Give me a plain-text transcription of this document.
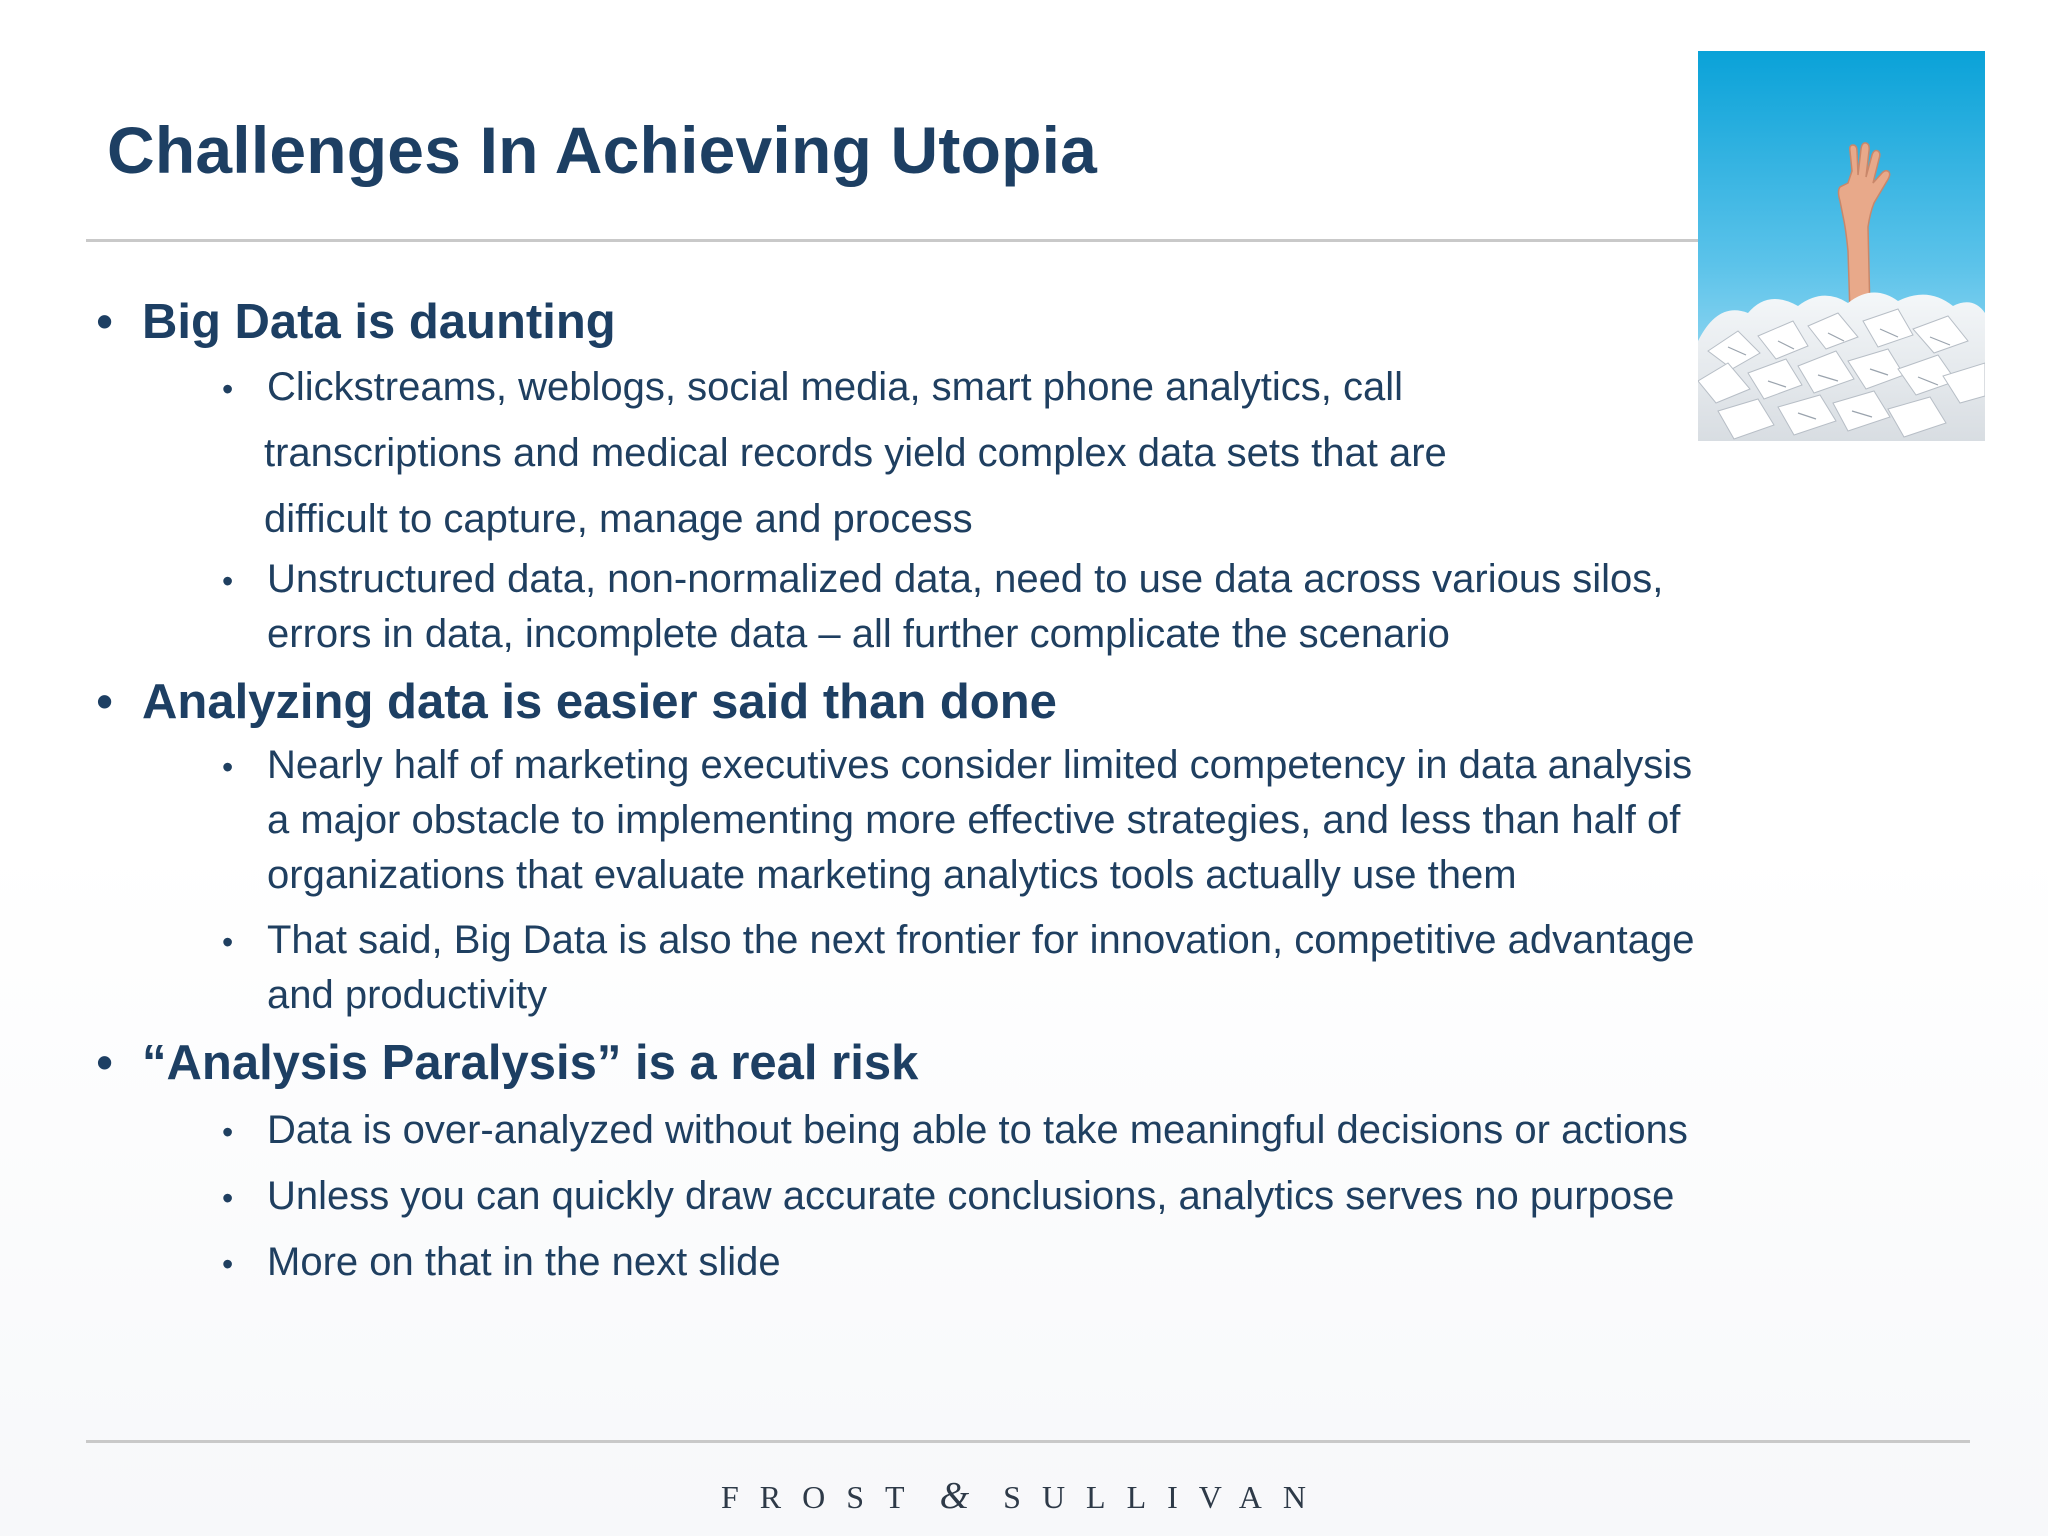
Challenges In Achieving Utopia
• Big Data is daunting
• Clickstreams, weblogs, social media, smart phone analytics, call
transcriptions and medical records yield complex data sets that are
difficult to capture, manage and process
• Unstructured data, non-normalized data, need to use data across various silos,
errors in data, incomplete data – all further complicate the scenario
• Analyzing data is easier said than done
• Nearly half of marketing executives consider limited competency in data analysis
a major obstacle to implementing more effective strategies, and less than half of
organizations that evaluate marketing analytics tools actually use them
• That said, Big Data is also the next frontier for innovation, competitive advantage
and productivity
• “Analysis Paralysis” is a real risk
• Data is over-analyzed without being able to take meaningful decisions or actions
• Unless you can quickly draw accurate conclusions, analytics serves no purpose
• More on that in the next slide
FROST & SULLIVAN
